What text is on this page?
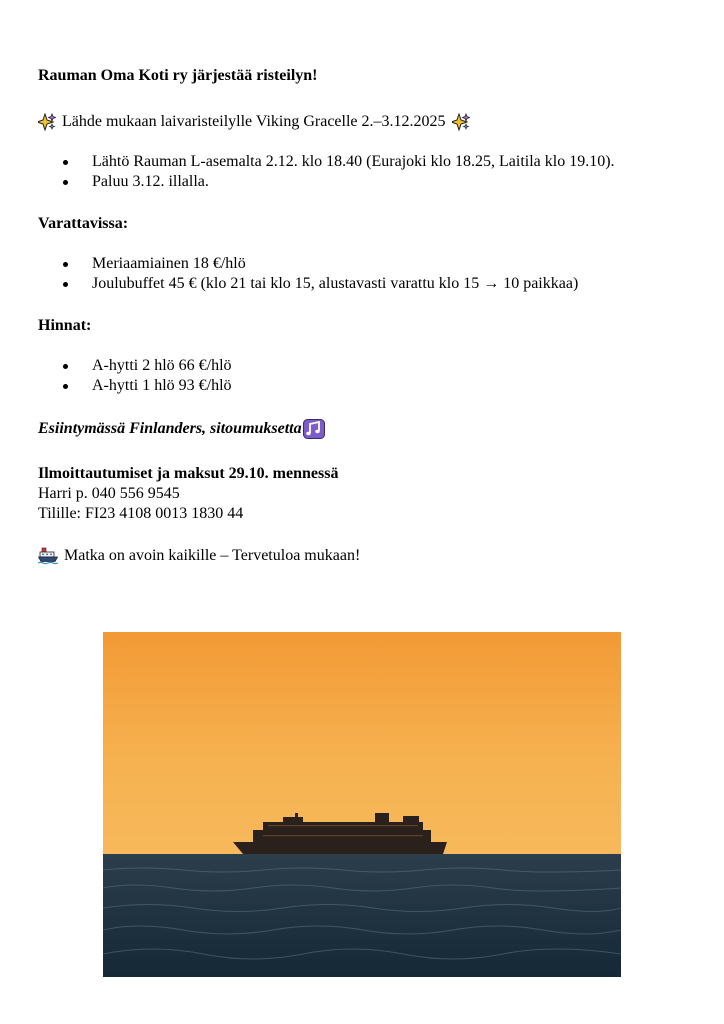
Rauman Oma Koti ry järjestää risteilyn!

Lähde mukaan laivaristeilylle Viking Gracelle 2.–3.12.2025
Lähtö Rauman L-asemalta 2.12. klo 18.40 (Eurajoki klo 18.25, Laitila klo 19.10).
Paluu 3.12. illalla.

Varattavissa:

Meriaamiainen 18 €/hlö
Joulubuffet 45 € (klo 21 tai klo 15, alustavasti varattu klo 15 → 10 paikkaa)

Hinnat:

A-hytti 2 hlö 66 €/hlö
A-hytti 1 hlö 93 €/hlö
Esiintymässä Finlanders, sitoumuksetta
Ilmoittautumiset ja maksut 29.10. mennessä
Harri p. 040 556 9545
Tilille: FI23 4108 0013 1830 44
Matka on avoin kaikille – Tervetuloa mukaan!
